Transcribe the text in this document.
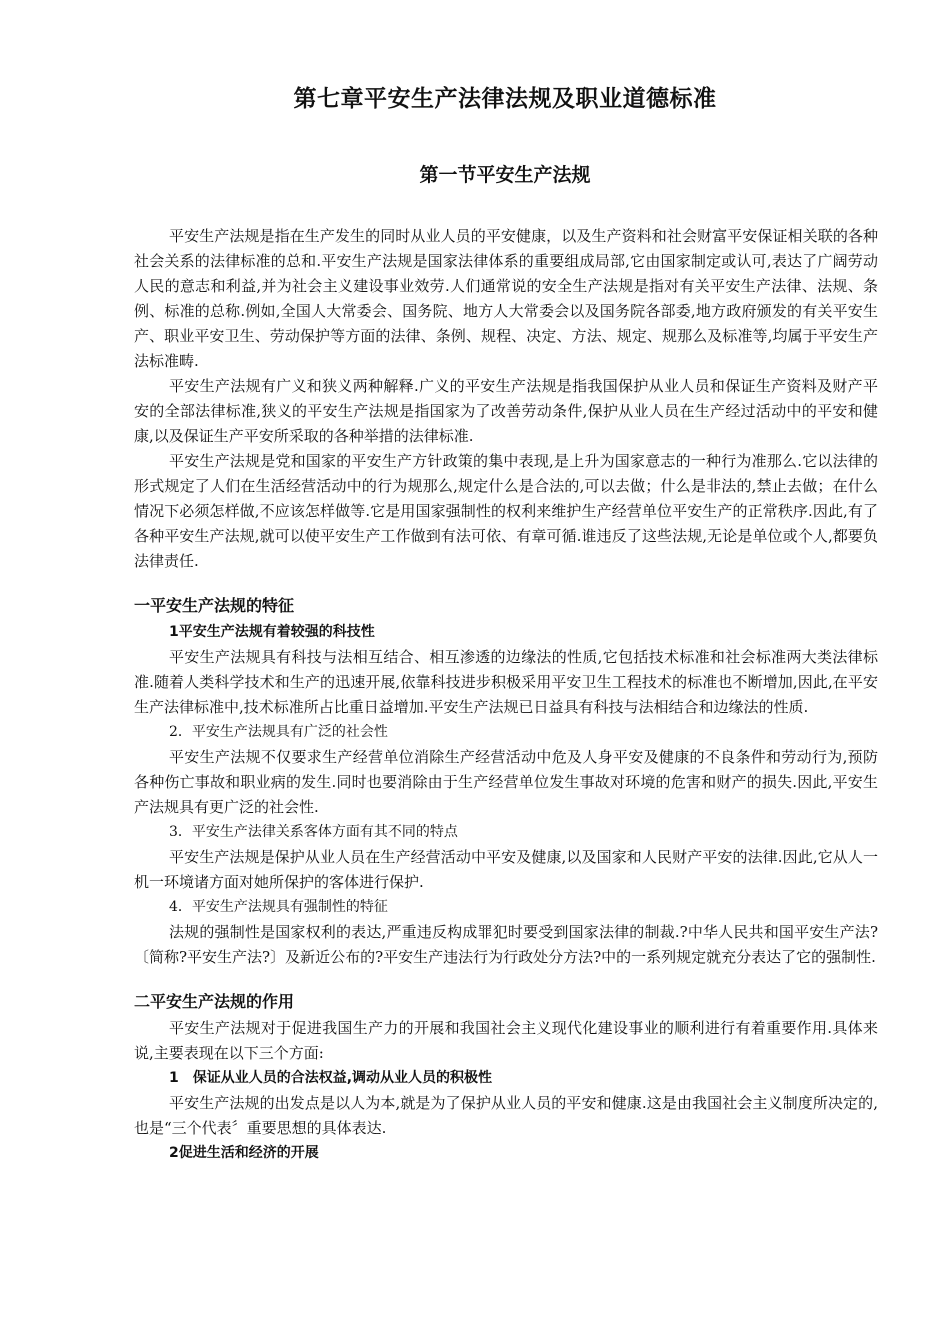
第七章平安生产法律法规及职业道德标准
第一节平安生产法规

平安生产法规是指在生产发生的同时从业人员的平安健康，以及生产资料和社会财富平安保证相关联的各种社会关系的法律标准的总和.平安生产法规是国家法律体系的重要组成局部,它由国家制定或认可,表达了广阔劳动人民的意志和利益,并为社会主义建设事业效劳.人们通常说的安全生产法规是指对有关平安生产法律、法规、条例、标准的总称.例如,全国人大常委会、国务院、地方人大常委会以及国务院各部委,地方政府颁发的有关平安生产、职业平安卫生、劳动保护等方面的法律、条例、规程、决定、方法、规定、规那么及标准等,均属于平安生产法标准畴.

平安生产法规有广义和狭义两种解释.广义的平安生产法规是指我国保护从业人员和保证生产资料及财产平安的全部法律标准,狭义的平安生产法规是指国家为了改善劳动条件,保护从业人员在生产经过活动中的平安和健康,以及保证生产平安所采取的各种举措的法律标准.

平安生产法规是党和国家的平安生产方针政策的集中表现,是上升为国家意志的一种行为准那么.它以法律的形式规定了人们在生活经营活动中的行为规那么,规定什么是合法的,可以去做；什么是非法的,禁止去做；在什么情况下必须怎样做,不应该怎样做等.它是用国家强制性的权利来维护生产经营单位平安生产的正常秩序.因此,有了各种平安生产法规,就可以使平安生产工作做到有法可依、有章可循.谁违反了这些法规,无论是单位或个人,都要负法律责任.

一平安生产法规的特征
1平安生产法规有着较强的科技性

平安生产法规具有科技与法相互结合、相互渗透的边缘法的性质,它包括技术标准和社会标准两大类法律标准.随着人类科学技术和生产的迅速开展,依靠科技进步积极采用平安卫生工程技术的标准也不断增加,因此,在平安生产法律标准中,技术标准所占比重日益增加.平安生产法规已日益具有科技与法相结合和边缘法的性质.

2．平安生产法规具有广泛的社会性

平安生产法规不仅要求生产经营单位消除生产经营活动中危及人身平安及健康的不良条件和劳动行为,预防各种伤亡事故和职业病的发生.同时也要消除由于生产经营单位发生事故对环境的危害和财产的损失.因此,平安生产法规具有更广泛的社会性.

3．平安生产法律关系客体方面有其不同的特点

平安生产法规是保护从业人员在生产经营活动中平安及健康,以及国家和人民财产平安的法律.因此,它从人一机一环境诸方面对她所保护的客体进行保护.

4．平安生产法规具有强制性的特征

法规的强制性是国家权利的表达,严重违反构成罪犯时要受到国家法律的制裁.?中华人民共和国平安生产法?〔简称?平安生产法?〕及新近公布的?平安生产违法行为行政处分方法?中的一系列规定就充分表达了它的强制性.

二平安生产法规的作用

平安生产法规对于促进我国生产力的开展和我国社会主义现代化建设事业的顺利进行有着重要作用.具体来说,主要表现在以下三个方面:

1　保证从业人员的合法权益,调动从业人员的积极性

平安生产法规的出发点是以人为本,就是为了保护从业人员的平安和健康.这是由我国社会主义制度所决定的,也是“三个代表〞重要思想的具体表达.

2促进生活和经济的开展
